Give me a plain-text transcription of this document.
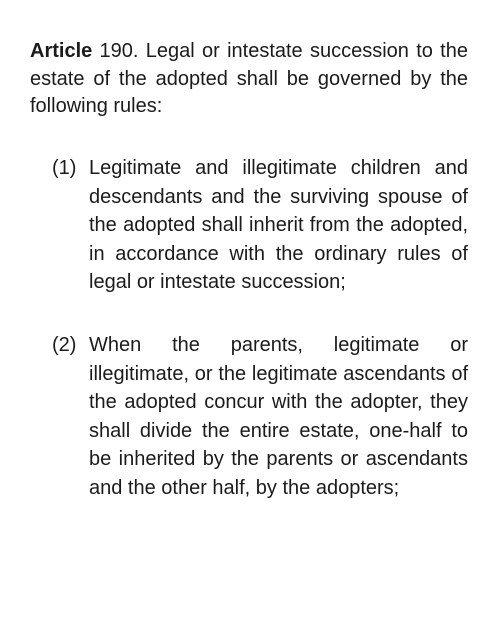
Article 190. Legal or intestate succession to the estate of the adopted shall be governed by the following rules:

(1) Legitimate and illegitimate children and descendants and the surviving spouse of the adopted shall inherit from the adopted, in accordance with the ordinary rules of legal or intestate succession;

(2) When the parents, legitimate or illegitimate, or the legitimate ascendants of the adopted concur with the adopter, they shall divide the entire estate, one-half to be inherited by the parents or ascendants and the other half, by the adopters;
